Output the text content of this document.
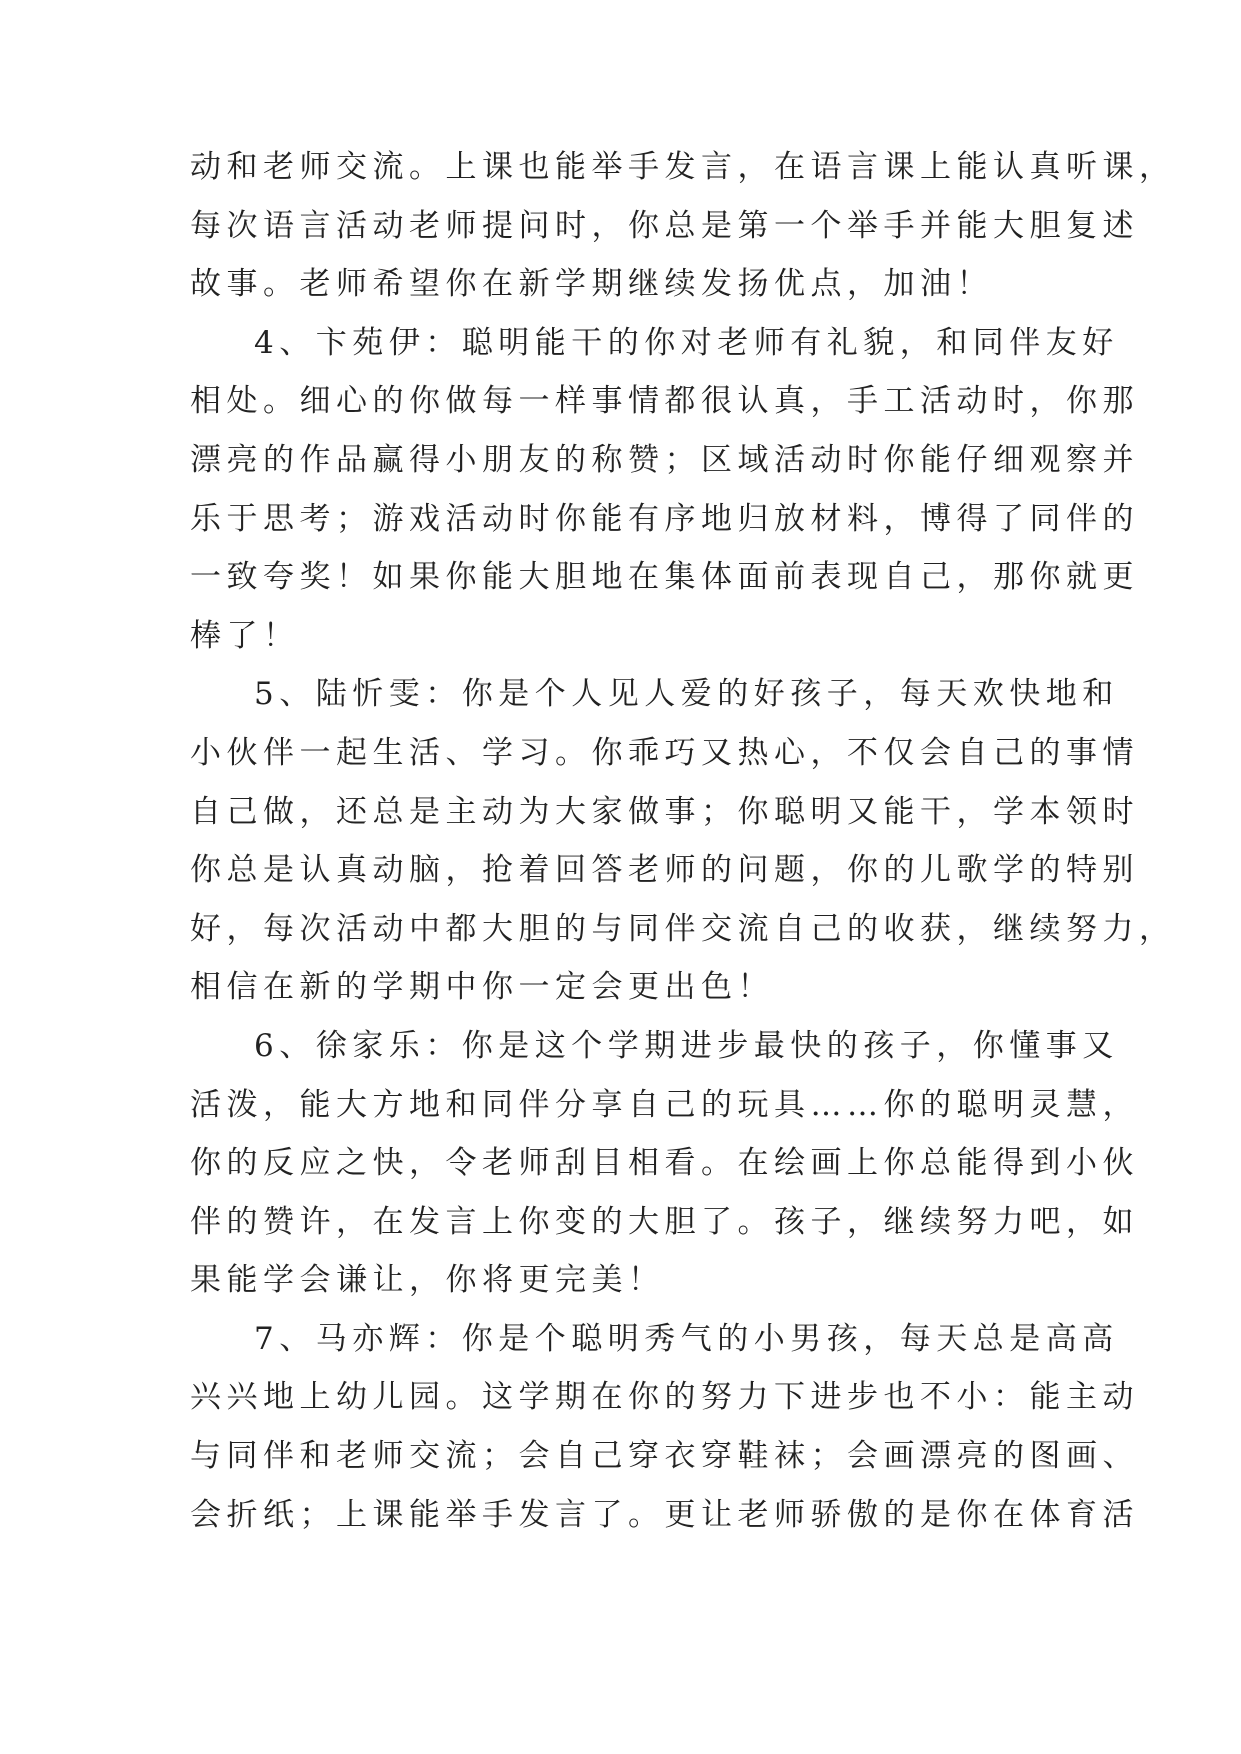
动和老师交流。上课也能举手发言，在语言课上能认真听课，
每次语言活动老师提问时，你总是第一个举手并能大胆复述
故事。老师希望你在新学期继续发扬优点，加油！
4、卞苑伊：聪明能干的你对老师有礼貌，和同伴友好
相处。细心的你做每一样事情都很认真，手工活动时，你那
漂亮的作品赢得小朋友的称赞；区域活动时你能仔细观察并
乐于思考；游戏活动时你能有序地归放材料，博得了同伴的
一致夸奖！如果你能大胆地在集体面前表现自己，那你就更
棒了！
5、陆忻雯：你是个人见人爱的好孩子，每天欢快地和
小伙伴一起生活、学习。你乖巧又热心，不仅会自己的事情
自己做，还总是主动为大家做事；你聪明又能干，学本领时
你总是认真动脑，抢着回答老师的问题，你的儿歌学的特别
好，每次活动中都大胆的与同伴交流自己的收获，继续努力，
相信在新的学期中你一定会更出色！
6、徐家乐：你是这个学期进步最快的孩子，你懂事又
活泼，能大方地和同伴分享自己的玩具……你的聪明灵慧，
你的反应之快，令老师刮目相看。在绘画上你总能得到小伙
伴的赞许，在发言上你变的大胆了。孩子，继续努力吧，如
果能学会谦让，你将更完美！
7、马亦辉：你是个聪明秀气的小男孩，每天总是高高
兴兴地上幼儿园。这学期在你的努力下进步也不小：能主动
与同伴和老师交流；会自己穿衣穿鞋袜；会画漂亮的图画、
会折纸；上课能举手发言了。更让老师骄傲的是你在体育活
